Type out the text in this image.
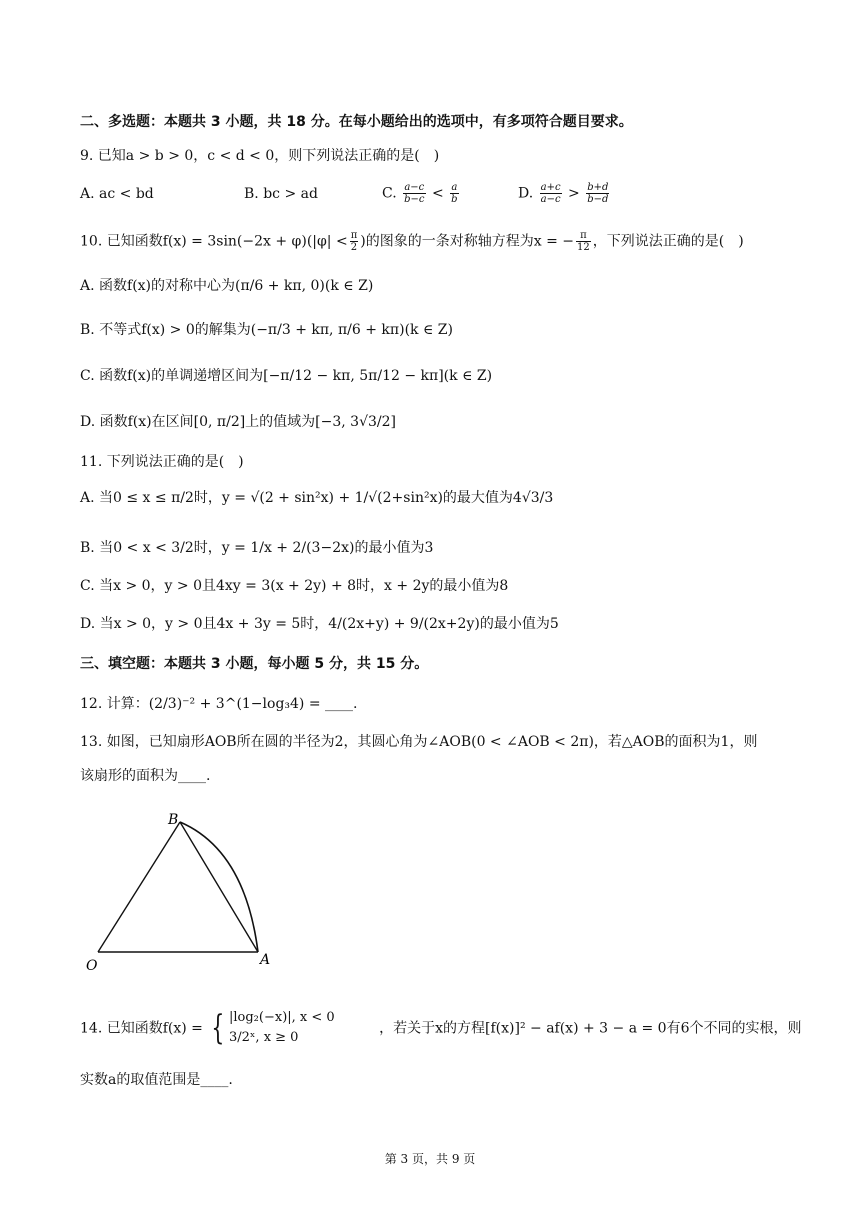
二、多选题：本题共 3 小题，共 18 分。在每小题给出的选项中，有多项符合题目要求。
9. 已知a > b > 0，c < d < 0，则下列说法正确的是(　)
A. ac < bd	B. bc > ad	C. $\frac{a-c}{b-c} < \frac{a}{b}$	D. $\frac{a+c}{a-c} > \frac{b+d}{b-d}$
10. 已知函数$f(x) = 3\sin(-2x + \varphi)(|\varphi| < \frac{\pi}{2}$ )的图象的一条对称轴方程为x = − $\frac{\pi}{12}$ ，下列说法正确的是(　)
A. 函数f(x)的对称中心为(π/6 + kπ, 0)(k ∈ Z)
B. 不等式f(x) > 0的解集为(−π/3 + kπ, π/6 + kπ)(k ∈ Z)
C. 函数f(x)的单调递增区间为[−π/12 − kπ, 5π/12 − kπ](k ∈ Z)
D. 函数f(x)在区间[0, π/2]上的值域为[−3, 3√3/2]
11. 下列说法正确的是(　)
A. 当0 ≤ x ≤ π/2时，y = √(2 + sin²x) + 1/√(2+sin²x)的最大值为4√3/3
B. 当0 < x < 3/2时，y = 1/x + 2/(3−2x)的最小值为3
C. 当x > 0，y > 0且4xy = 3(x + 2y) + 8时，x + 2y的最小值为8
D. 当x > 0，y > 0且4x + 3y = 5时，4/(2x+y) + 9/(2x+2y)的最小值为5
三、填空题：本题共 3 小题，每小题 5 分，共 15 分。
12. 计算：(2/3)⁻² + 3^(1−log₃4) = ____.
13. 如图，已知扇形AOB所在圆的半径为2，其圆心角为∠AOB(0 < ∠AOB < 2π)，若△AOB的面积为1，则
该扇形的面积为____.
B
O	A
14. 已知函数f(x) = { |log₂(−x)|, x < 0
3/2ˣ, x ≥ 0
，若关于x的方程[f(x)]² − af(x) + 3 − a = 0有6个不同的实根，则
实数a的取值范围是____.
第 3 页，共 9 页
